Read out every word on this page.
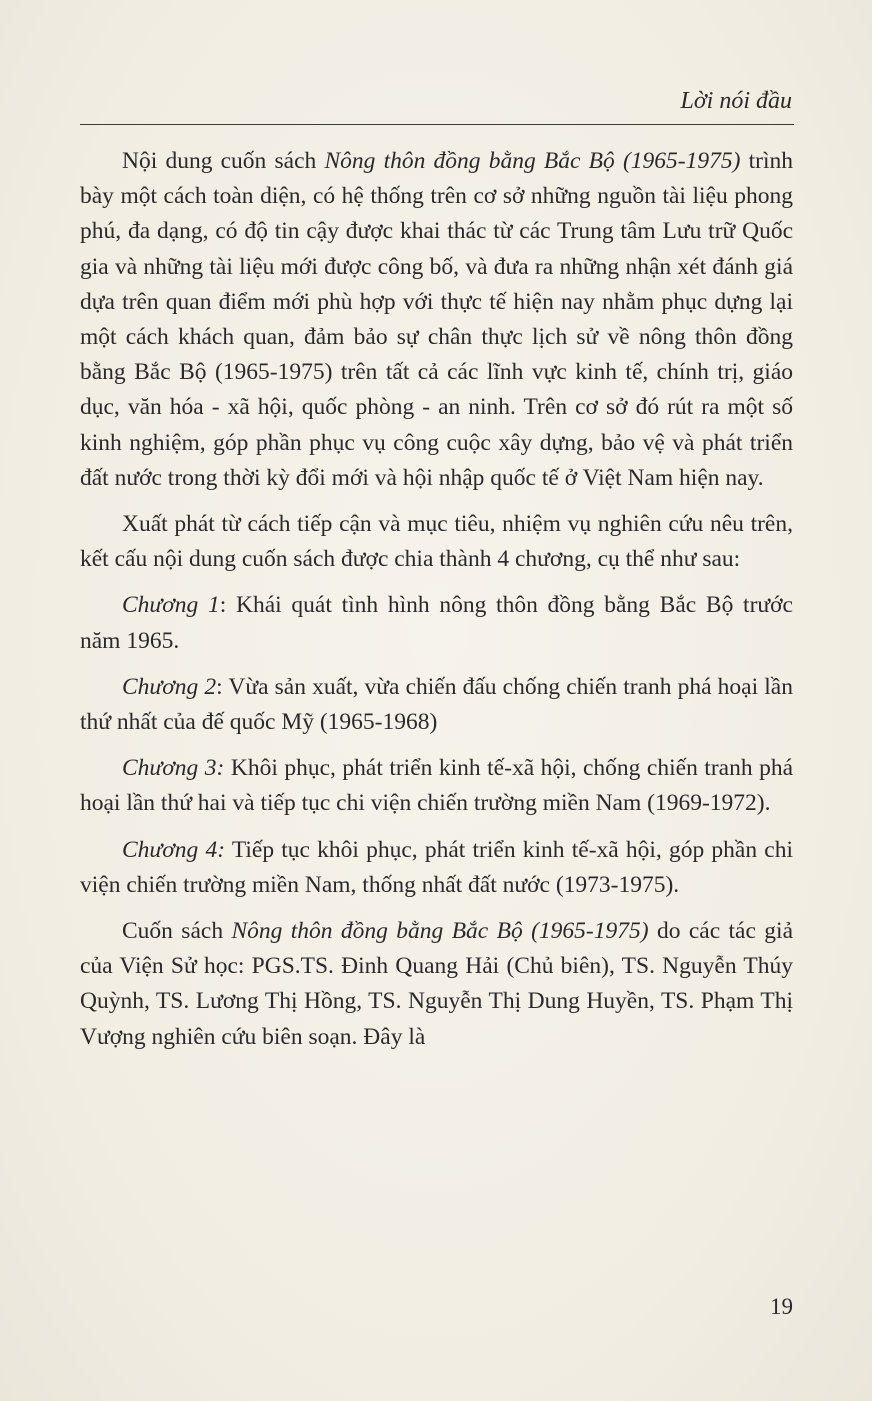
Lời nói đầu

Nội dung cuốn sách Nông thôn đồng bằng Bắc Bộ (1965-1975) trình bày một cách toàn diện, có hệ thống trên cơ sở những nguồn tài liệu phong phú, đa dạng, có độ tin cậy được khai thác từ các Trung tâm Lưu trữ Quốc gia và những tài liệu mới được công bố, và đưa ra những nhận xét đánh giá dựa trên quan điểm mới phù hợp với thực tế hiện nay nhằm phục dựng lại một cách khách quan, đảm bảo sự chân thực lịch sử về nông thôn đồng bằng Bắc Bộ (1965-1975) trên tất cả các lĩnh vực kinh tế, chính trị, giáo dục, văn hóa - xã hội, quốc phòng - an ninh. Trên cơ sở đó rút ra một số kinh nghiệm, góp phần phục vụ công cuộc xây dựng, bảo vệ và phát triển đất nước trong thời kỳ đổi mới và hội nhập quốc tế ở Việt Nam hiện nay.

Xuất phát từ cách tiếp cận và mục tiêu, nhiệm vụ nghiên cứu nêu trên, kết cấu nội dung cuốn sách được chia thành 4 chương, cụ thể như sau:

Chương 1: Khái quát tình hình nông thôn đồng bằng Bắc Bộ trước năm 1965.

Chương 2: Vừa sản xuất, vừa chiến đấu chống chiến tranh phá hoại lần thứ nhất của đế quốc Mỹ (1965-1968)

Chương 3: Khôi phục, phát triển kinh tế-xã hội, chống chiến tranh phá hoại lần thứ hai và tiếp tục chi viện chiến trường miền Nam (1969-1972).

Chương 4: Tiếp tục khôi phục, phát triển kinh tế-xã hội, góp phần chi viện chiến trường miền Nam, thống nhất đất nước (1973-1975).

Cuốn sách Nông thôn đồng bằng Bắc Bộ (1965-1975) do các tác giả của Viện Sử học: PGS.TS. Đinh Quang Hải (Chủ biên), TS. Nguyễn Thúy Quỳnh, TS. Lương Thị Hồng, TS. Nguyễn Thị Dung Huyền, TS. Phạm Thị Vượng nghiên cứu biên soạn. Đây là

19
